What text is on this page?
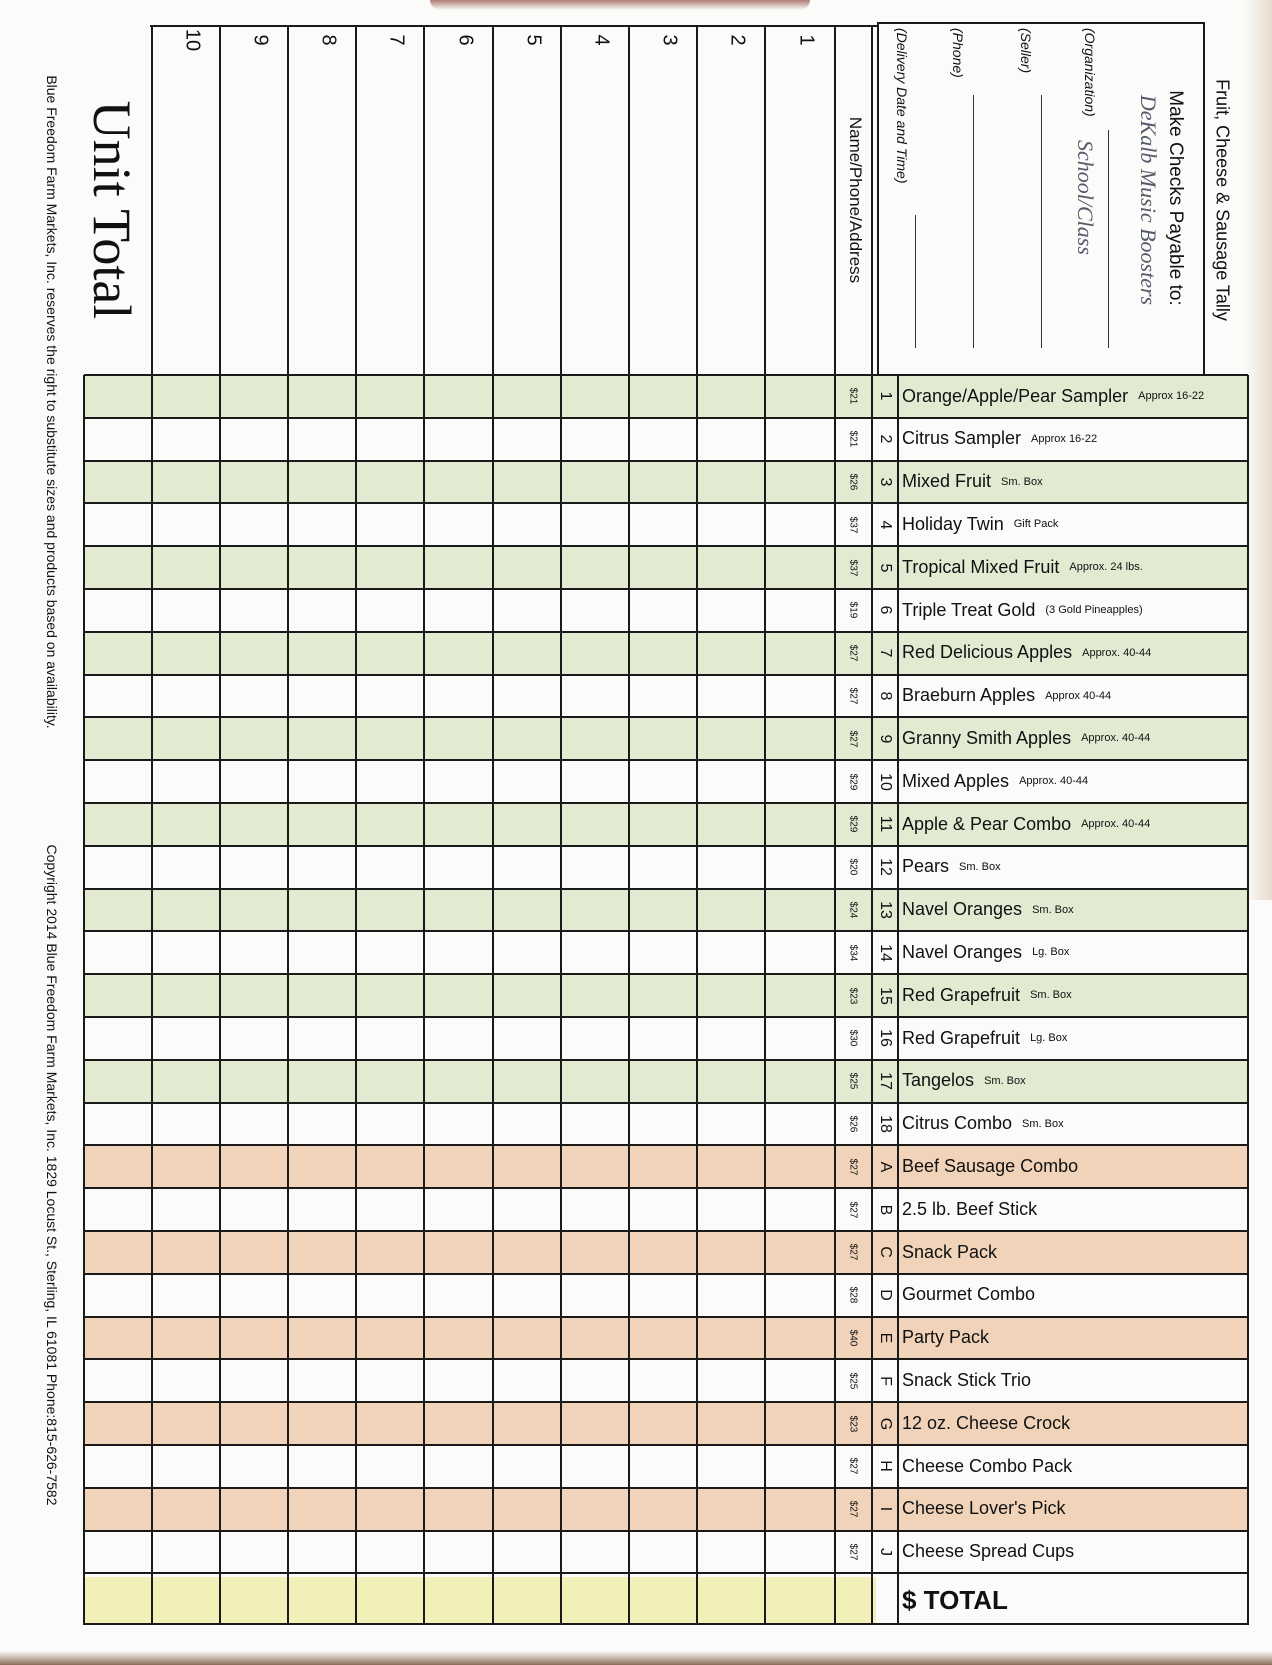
Fruit, Cheese & Sausage Tally
Make Checks Payable to:
DeKalb Music Boosters
(Organization)
School/Class
(Seller)
(Phone)
(Delivery Date and Time)
1
2
3
4
5
6
7
8
9
10
Name/Phone/Address
Unit Total
Blue Freedom Farm Markets, Inc. reserves the right to substitute sizes and products based on availability.
Copyright 2014 Blue Freedom Farm Markets, Inc. 1829 Locust St., Sterling, IL 61081 Phone:815-626-7582
1
$21 Orange/Apple/Pear Sampler Approx 16-22
2
$21 Citrus Sampler Approx 16-22
3
$26 Mixed Fruit Sm. Box
4
$37 Holiday Twin Gift Pack
5
$37 Tropical Mixed Fruit Approx. 24 lbs.
6
$19 Triple Treat Gold (3 Gold Pineapples)
7
$27 Red Delicious Apples Approx. 40-44
8
$27 Braeburn Apples Approx 40-44
9
$27 Granny Smith Apples Approx. 40-44
10
$29 Mixed Apples Approx. 40-44
11
$29 Apple & Pear Combo Approx. 40-44
12
$20 Pears Sm. Box
13
$24 Navel Oranges Sm. Box
14
$34 Navel Oranges Lg. Box
15
$23 Red Grapefruit Sm. Box
16
$30 Red Grapefruit Lg. Box
17
$25 Tangelos Sm. Box
18
$26 Citrus Combo Sm. Box
A
$27 Beef Sausage Combo
B
$27 2.5 lb. Beef Stick
C
$27 Snack Pack
D
$28 Gourmet Combo
E
$40 Party Pack
F
$25 Snack Stick Trio
G
$23 12 oz. Cheese Crock
H
$27 Cheese Combo Pack
I
$27 Cheese Lover's Pick
J
$27 Cheese Spread Cups
$ TOTAL
